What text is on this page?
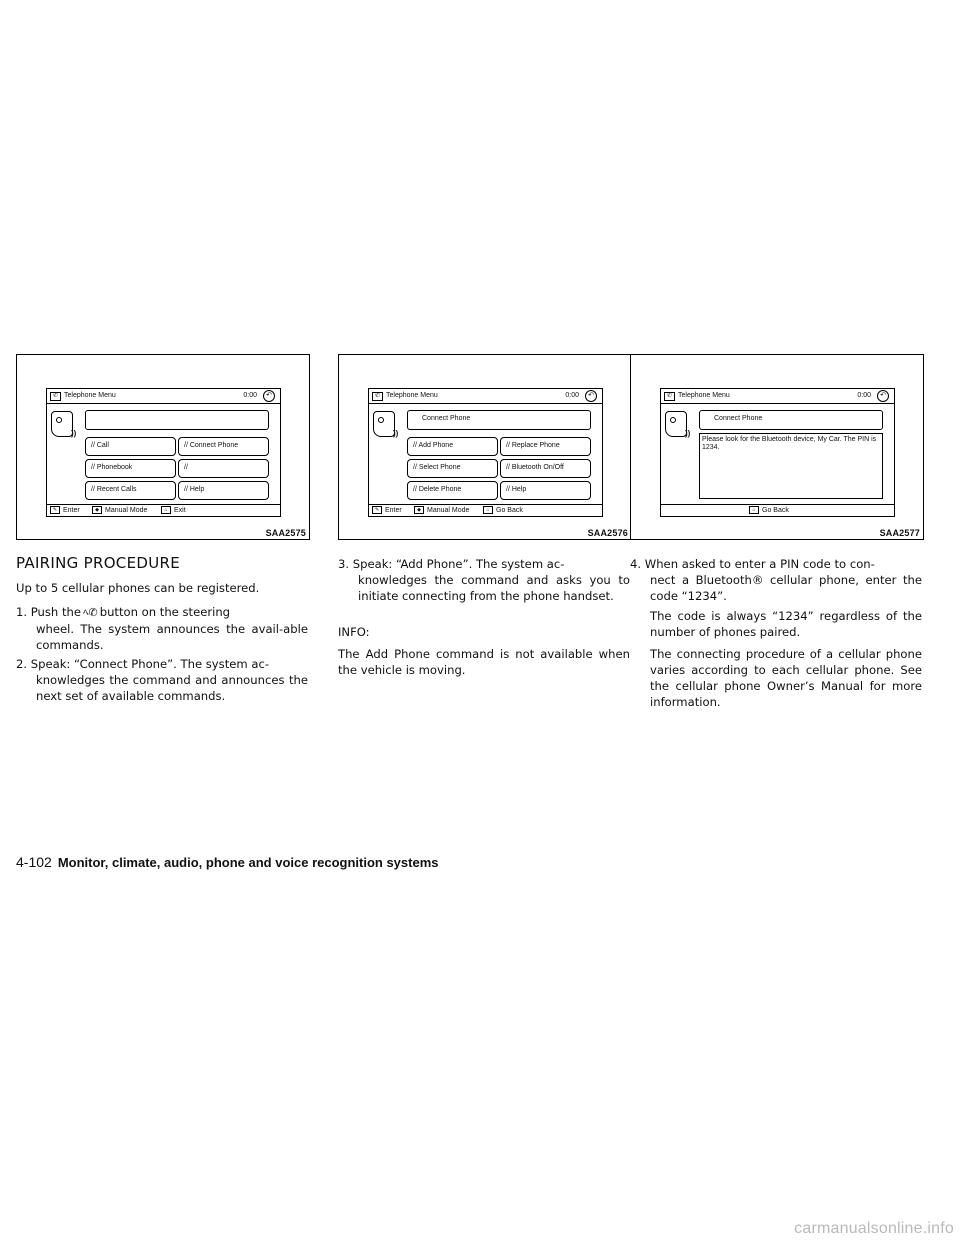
✆ Telephone Menu	0:00	↶
))
// Call	// Connect Phone
// Phonebook	//
// Recent Calls	// Help
✎ Enter	◆ Manual Mode	⌂ Exit
SAA2575
✆ Telephone Menu	0:00	↶
))
Connect Phone
// Add Phone	// Replace Phone
// Select Phone	// Bluetooth On/Off
// Delete Phone	// Help
✎ Enter	◆ Manual Mode	⌂ Go Back
SAA2576
✆ Telephone Menu	0:00	↶
))
Connect Phone
Please look for the Bluetooth device, My Car. The PIN is 1234.
⌂ Go Back
SAA2577
PAIRING PROCEDURE
Up to 5 cellular phones can be registered.
1. Push the ﾍ✆ button on the steering
wheel. The system announces the avail-able commands.
2. Speak: “Connect Phone”. The system ac-
knowledges the command and announces the next set of available commands.
3. Speak: “Add Phone”. The system ac-
knowledges the command and asks you to initiate connecting from the phone handset.
INFO:
The Add Phone command is not available when the vehicle is moving.
4. When asked to enter a PIN code to con-
nect a Bluetooth® cellular phone, enter the code “1234”.
The code is always “1234” regardless of the number of phones paired.
The connecting procedure of a cellular phone varies according to each cellular phone. See the cellular phone Owner’s Manual for more information.
4-102 Monitor, climate, audio, phone and voice recognition systems
carmanualsonline.info
